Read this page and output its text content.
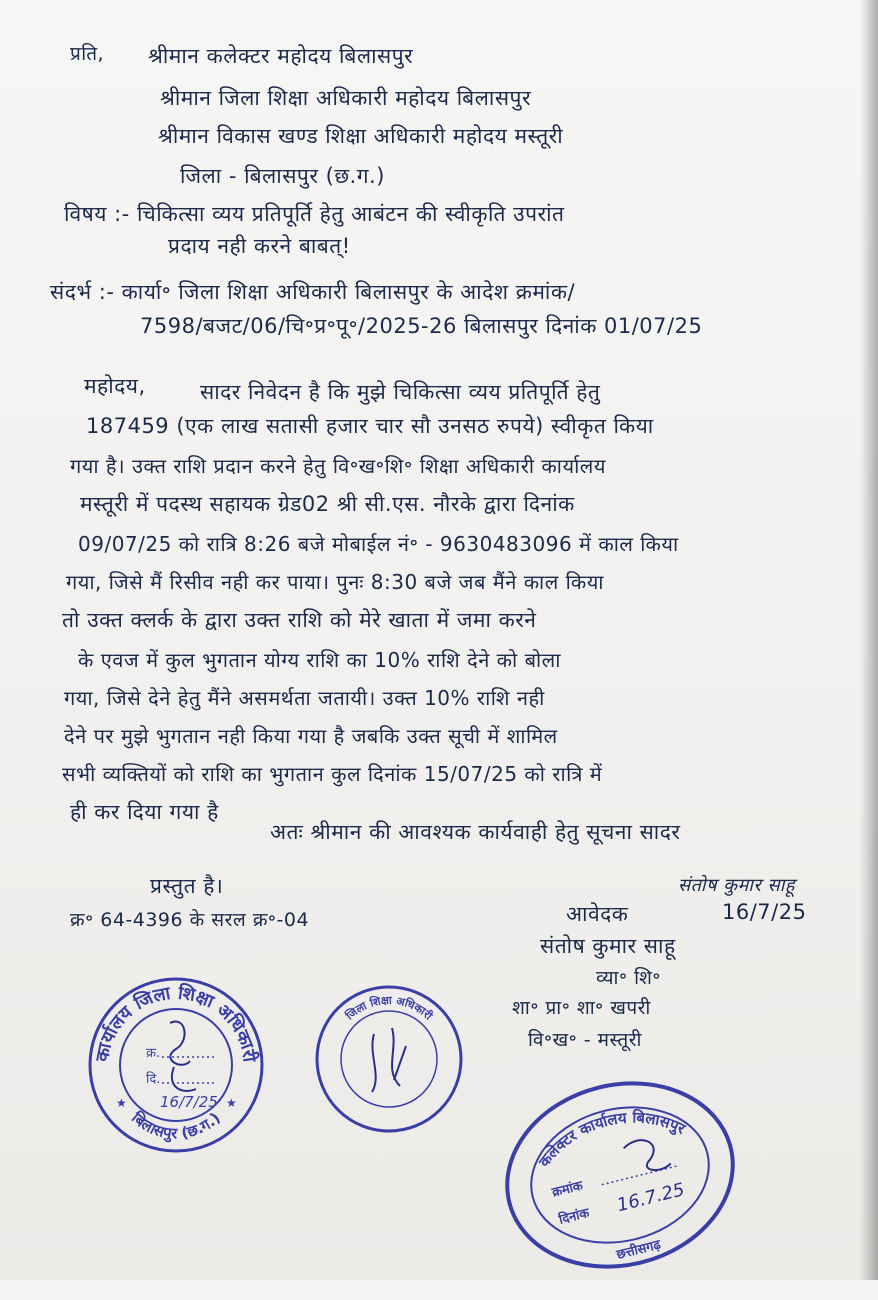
प्रति, श्रीमान कलेक्टर महोदय बिलासपुर
श्रीमान जिला शिक्षा अधिकारी महोदय बिलासपुर
श्रीमान विकास खण्ड शिक्षा अधिकारी महोदय मस्तूरी
जिला - बिलासपुर (छ.ग.)
विषय :- चिकित्सा व्यय प्रतिपूर्ति हेतु आबंटन की स्वीकृति उपरांत
प्रदाय नही करने बाबत्!
संदर्भ :- कार्या॰ जिला शिक्षा अधिकारी बिलासपुर के आदेश क्रमांक/
7598/बजट/06/चि॰प्र॰पू॰/2025-26 बिलासपुर दिनांक 01/07/25
महोदय,	सादर निवेदन है कि मुझे चिकित्सा व्यय प्रतिपूर्ति हेतु
187459 (एक लाख सतासी हजार चार सौ उनसठ रुपये) स्वीकृत किया
गया है। उक्त राशि प्रदान करने हेतु वि॰ख॰शि॰ शिक्षा अधिकारी कार्यालय
मस्तूरी में पदस्थ सहायक ग्रेड02 श्री सी.एस. नौरके द्वारा दिनांक
09/07/25 को रात्रि 8:26 बजे मोबाईल नं॰ - 9630483096 में काल किया
गया, जिसे मैं रिसीव नही कर पाया। पुनः 8:30 बजे जब मैंने काल किया
तो उक्त क्लर्क के द्वारा उक्त राशि को मेरे खाता में जमा करने
के एवज में कुल भुगतान योग्य राशि का 10% राशि देने को बोला
गया, जिसे देने हेतु मैंने असमर्थता जतायी। उक्त 10% राशि नही
देने पर मुझे भुगतान नही किया गया है जबकि उक्त सूची में शामिल
सभी व्यक्तियों को राशि का भुगतान कुल दिनांक 15/07/25 को रात्रि में
ही कर दिया गया है
अतः श्रीमान की आवश्यक कार्यवाही हेतु सूचना सादर
प्रस्तुत है।
क्र॰ 64-4396 के सरल क्र॰-04	आवेदक
संतोष कुमार साहू
16/7/25
संतोष कुमार साहू
व्या॰ शि॰
शा॰ प्रा॰ शा॰ खपरी
वि॰ख॰ - मस्तूरी
कार्यालय जिला शिक्षा अधिकारी
बिलासपुर (छ.ग.)
क्र.
दि.
16/7/25
★	★
जिला शिक्षा अधिकारी
कलेक्टर कार्यालय बिलासपुर
क्रमांक
दिनांक
16.7.25
छत्तीसगढ़
